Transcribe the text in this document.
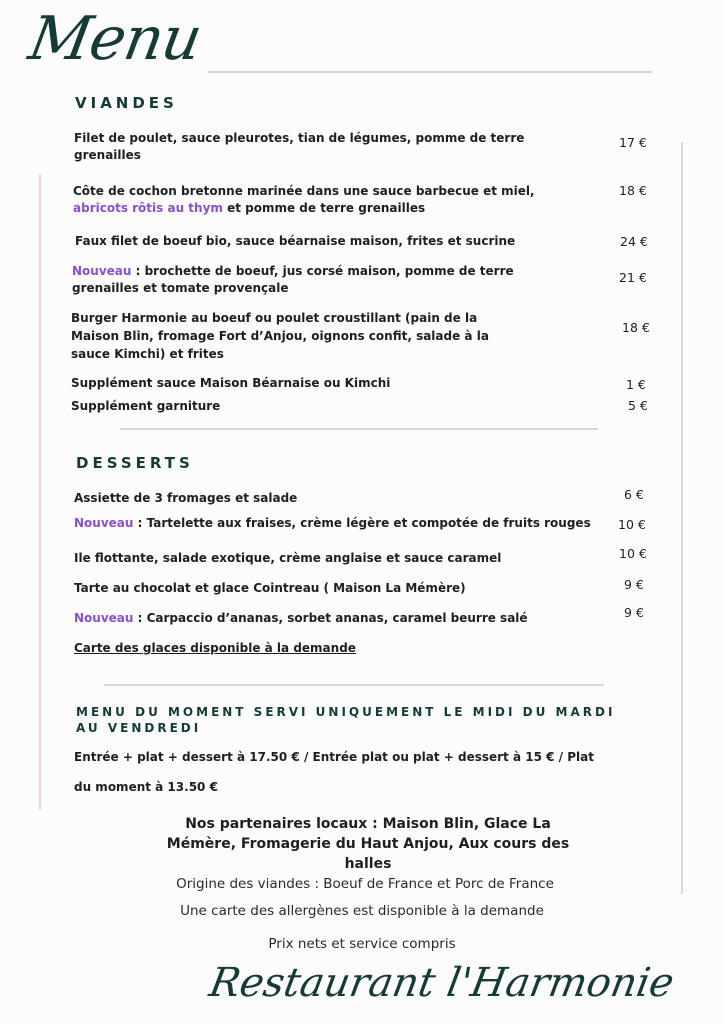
Menu
VIANDES
Filet de poulet, sauce pleurotes, tian de légumes, pomme de terre grenailles
17 €
Côte de cochon bretonne marinée dans une sauce barbecue et miel,
abricots rôtis au thym et pomme de terre grenailles
18 €
Faux filet de boeuf bio, sauce béarnaise maison, frites et sucrine	24 €
Nouveau : brochette de boeuf, jus corsé maison, pomme de terre grenailles et tomate provençale
21 €
Burger Harmonie au boeuf ou poulet croustillant (pain de la Maison Blin, fromage Fort d’Anjou, oignons confit, salade à la sauce Kimchi) et frites
18 €
Supplément sauce Maison Béarnaise ou Kimchi	1 €
Supplément garniture	5 €
DESSERTS
Assiette de 3 fromages et salade	6 €
Nouveau : Tartelette aux fraises, crème légère et compotée de fruits rouges	10 €
Ile flottante, salade exotique, crème anglaise et sauce caramel	10 €
Tarte au chocolat et glace Cointreau ( Maison La Mémère)	9 €
Nouveau : Carpaccio d’ananas, sorbet ananas, caramel beurre salé	9 €
Carte des glaces disponible à la demande
MENU DU MOMENT SERVI UNIQUEMENT LE MIDI DU MARDI AU VENDREDI
Entrée + plat + dessert à 17.50 € / Entrée plat ou plat + dessert à 15 € / Plat
du moment à 13.50 €
Nos partenaires locaux : Maison Blin, Glace La Mémère, Fromagerie du Haut Anjou, Aux cours des halles
Origine des viandes : Boeuf de France et Porc de France
Une carte des allergènes est disponible à la demande
Prix nets et service compris
Restaurant l'Harmonie
